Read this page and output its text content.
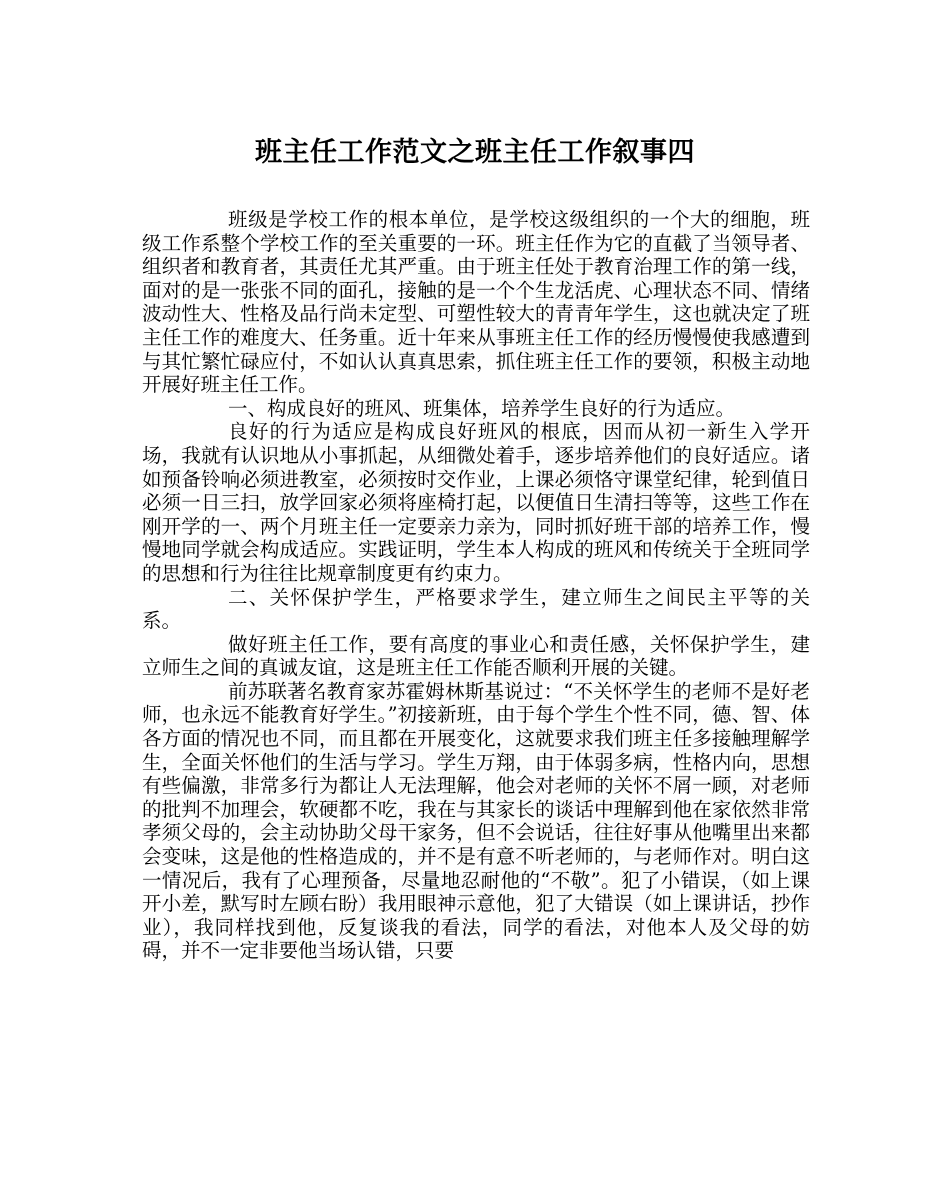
班主任工作范文之班主任工作叙事四

班级是学校工作的根本单位，是学校这级组织的一个大的细胞，班级工作系整个学校工作的至关重要的一环。班主任作为它的直截了当领导者、组织者和教育者，其责任尤其严重。由于班主任处于教育治理工作的第一线，面对的是一张张不同的面孔，接触的是一个个生龙活虎、心理状态不同、情绪波动性大、性格及品行尚未定型、可塑性较大的青青年学生，这也就决定了班主任工作的难度大、任务重。近十年来从事班主任工作的经历慢慢使我感遭到与其忙繁忙碌应付，不如认认真真思索，抓住班主任工作的要领，积极主动地开展好班主任工作。

一、构成良好的班风、班集体，培养学生良好的行为适应。

良好的行为适应是构成良好班风的根底，因而从初一新生入学开场，我就有认识地从小事抓起，从细微处着手，逐步培养他们的良好适应。诸如预备铃响必须进教室，必须按时交作业，上课必须恪守课堂纪律，轮到值日必须一日三扫，放学回家必须将座椅打起，以便值日生清扫等等，这些工作在刚开学的一、两个月班主任一定要亲力亲为，同时抓好班干部的培养工作，慢慢地同学就会构成适应。实践证明，学生本人构成的班风和传统关于全班同学的思想和行为往往比规章制度更有约束力。

二、关怀保护学生，严格要求学生，建立师生之间民主平等的关系。

做好班主任工作，要有高度的事业心和责任感，关怀保护学生，建立师生之间的真诚友谊，这是班主任工作能否顺利开展的关键。

前苏联著名教育家苏霍姆林斯基说过：“不关怀学生的老师不是好老师，也永远不能教育好学生。”初接新班，由于每个学生个性不同，德、智、体各方面的情况也不同，而且都在开展变化，这就要求我们班主任多接触理解学生，全面关怀他们的生活与学习。学生万翔，由于体弱多病，性格内向，思想有些偏激，非常多行为都让人无法理解，他会对老师的关怀不屑一顾，对老师的批判不加理会，软硬都不吃，我在与其家长的谈话中理解到他在家依然非常孝须父母的，会主动协助父母干家务，但不会说话，往往好事从他嘴里出来都会变味，这是他的性格造成的，并不是有意不听老师的，与老师作对。明白这一情况后，我有了心理预备，尽量地忍耐他的“不敬”。犯了小错误，（如上课开小差，默写时左顾右盼）我用眼神示意他，犯了大错误（如上课讲话，抄作业），我同样找到他，反复谈我的看法，同学的看法，对他本人及父母的妨碍，并不一定非要他当场认错，只要
